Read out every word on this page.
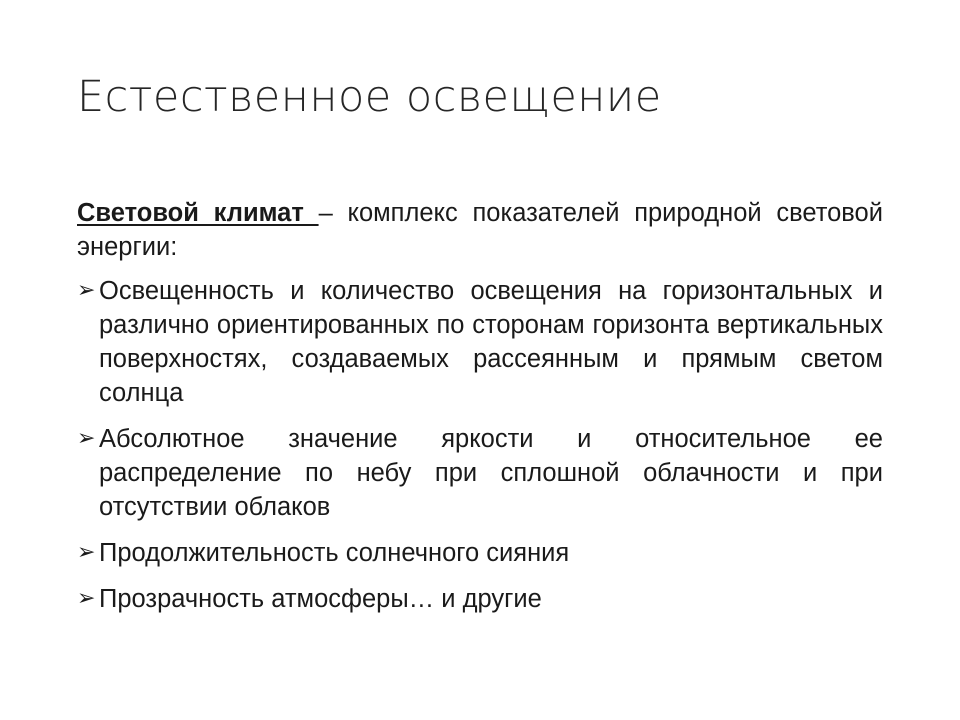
Естественное освещение

Световой климат – комплекс показателей природной световой энергии:

➢ Освещенность и количество освещения на горизонтальных и различно ориентированных по сторонам горизонта вертикальных поверхностях, создаваемых рассеянным и прямым светом солнца
➢ Абсолютное значение яркости и относительное ее распределение по небу при сплошной облачности и при отсутствии облаков
➢ Продолжительность солнечного сияния
➢ Прозрачность атмосферы… и другие
